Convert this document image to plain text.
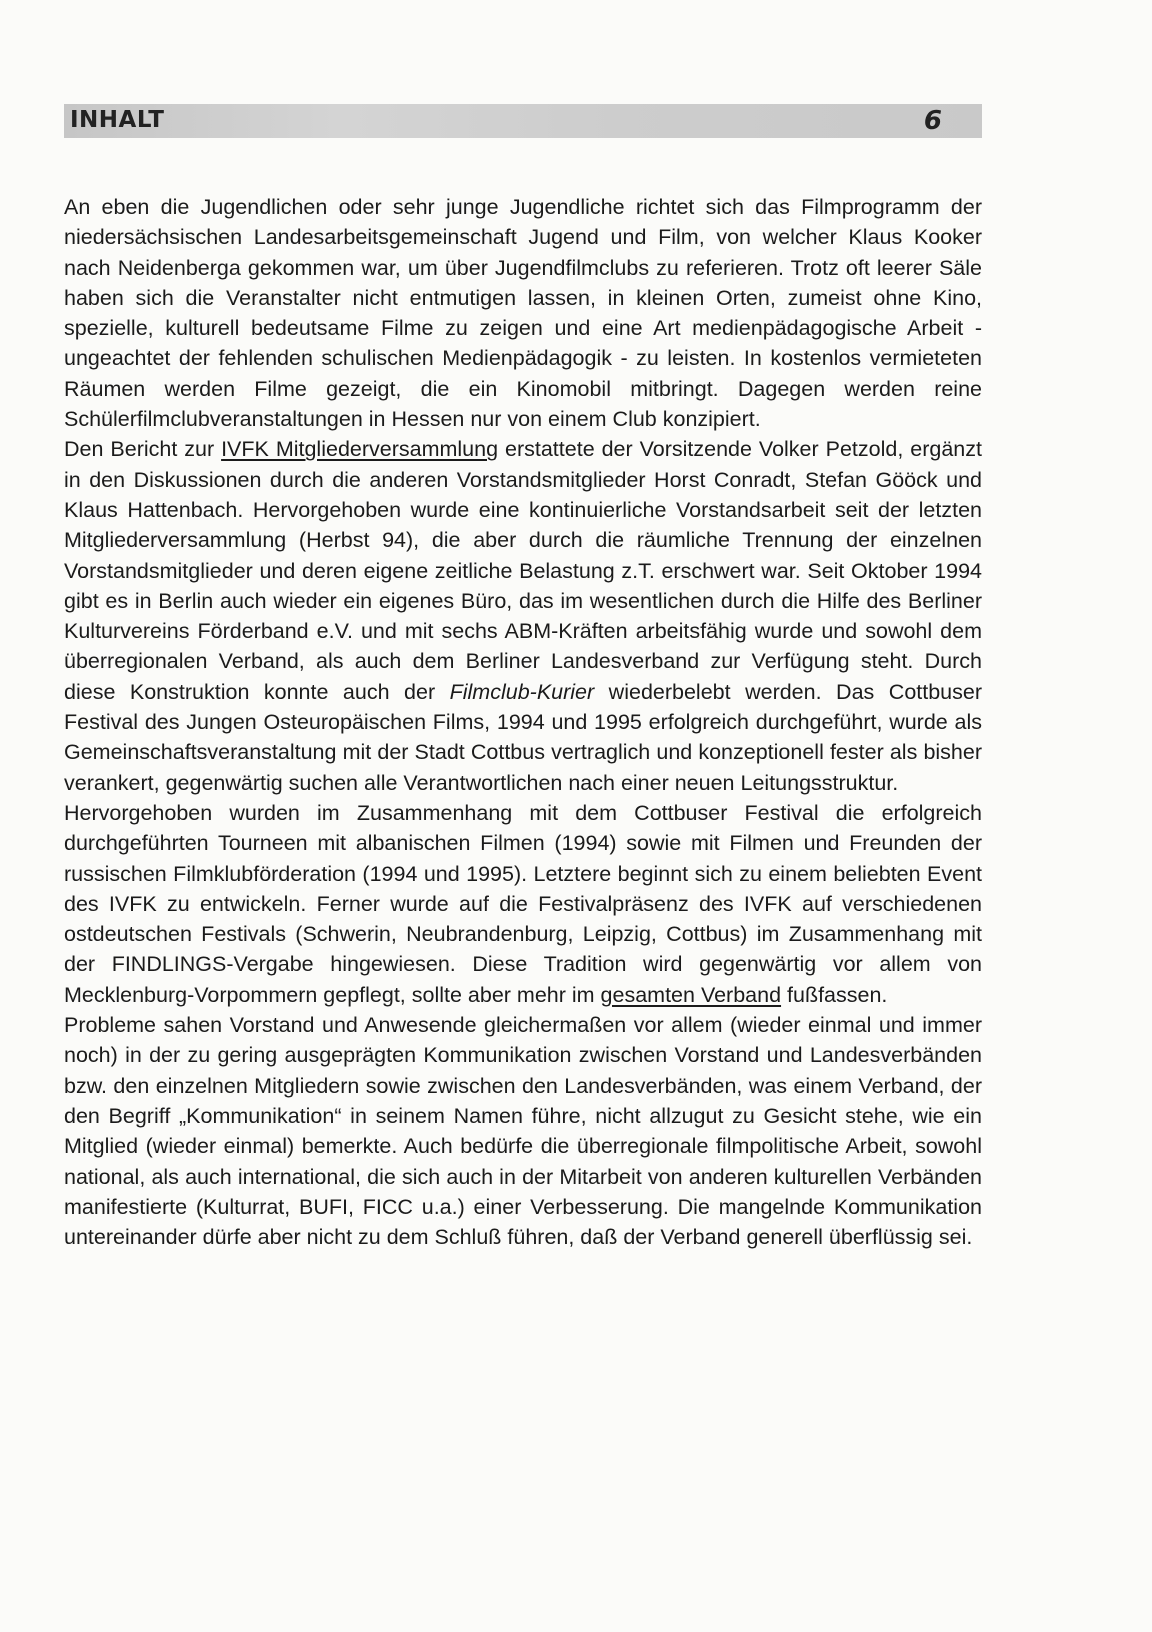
INHALT	6

An eben die Jugendlichen oder sehr junge Jugendliche richtet sich das Filmprogramm der niedersächsischen Landesarbeitsgemeinschaft Jugend und Film, von welcher Klaus Kooker nach Neidenberga gekommen war, um über Jugendfilmclubs zu referieren. Trotz oft leerer Säle haben sich die Veranstalter nicht entmutigen lassen, in kleinen Orten, zumeist ohne Kino, spezielle, kulturell bedeutsame Filme zu zeigen und eine Art medienpädagogische Arbeit - ungeachtet der fehlenden schulischen Medienpädagogik - zu leisten. In kostenlos vermieteten Räumen werden Filme gezeigt, die ein Kinomobil mitbringt. Dagegen werden reine Schülerfilmclubveranstaltungen in Hessen nur von einem Club konzipiert.

Den Bericht zur IVFK Mitgliederversammlung erstattete der Vorsitzende Volker Petzold, ergänzt in den Diskussionen durch die anderen Vorstandsmitglieder Horst Conradt, Stefan Gööck und Klaus Hattenbach. Hervorgehoben wurde eine kontinuierliche Vorstandsarbeit seit der letzten Mitgliederversammlung (Herbst 94), die aber durch die räumliche Trennung der einzelnen Vorstandsmitglieder und deren eigene zeitliche Belastung z.T. erschwert war. Seit Oktober 1994 gibt es in Berlin auch wieder ein eigenes Büro, das im wesentlichen durch die Hilfe des Berliner Kulturvereins Förderband e.V. und mit sechs ABM-Kräften arbeitsfähig wurde und sowohl dem überregionalen Verband, als auch dem Berliner Landesverband zur Verfügung steht. Durch diese Konstruktion konnte auch der Filmclub-Kurier wiederbelebt werden. Das Cottbuser Festival des Jungen Osteuropäischen Films, 1994 und 1995 erfolgreich durchgeführt, wurde als Gemeinschaftsveranstaltung mit der Stadt Cottbus vertraglich und konzeptionell fester als bisher verankert, gegenwärtig suchen alle Verantwortlichen nach einer neuen Leitungsstruktur.

Hervorgehoben wurden im Zusammenhang mit dem Cottbuser Festival die erfolgreich durchgeführten Tourneen mit albanischen Filmen (1994) sowie mit Filmen und Freunden der russischen Filmklubförderation (1994 und 1995). Letztere beginnt sich zu einem beliebten Event des IVFK zu entwickeln. Ferner wurde auf die Festivalpräsenz des IVFK auf verschiedenen ostdeutschen Festivals (Schwerin, Neubrandenburg, Leipzig, Cottbus) im Zusammenhang mit der FINDLINGS-Vergabe hingewiesen. Diese Tradition wird gegenwärtig vor allem von Mecklenburg-Vorpommern gepflegt, sollte aber mehr im gesamten Verband fußfassen.

Probleme sahen Vorstand und Anwesende gleichermaßen vor allem (wieder einmal und immer noch) in der zu gering ausgeprägten Kommunikation zwischen Vorstand und Landesverbänden bzw. den einzelnen Mitgliedern sowie zwischen den Landesverbänden, was einem Verband, der den Begriff „Kommunikation“ in seinem Namen führe, nicht allzugut zu Gesicht stehe, wie ein Mitglied (wieder einmal) bemerkte. Auch bedürfe die überregionale filmpolitische Arbeit, sowohl national, als auch international, die sich auch in der Mitarbeit von anderen kulturellen Verbänden manifestierte (Kulturrat, BUFI, FICC u.a.) einer Verbesserung. Die mangelnde Kommunikation untereinander dürfe aber nicht zu dem Schluß führen, daß der Verband generell überflüssig sei.
